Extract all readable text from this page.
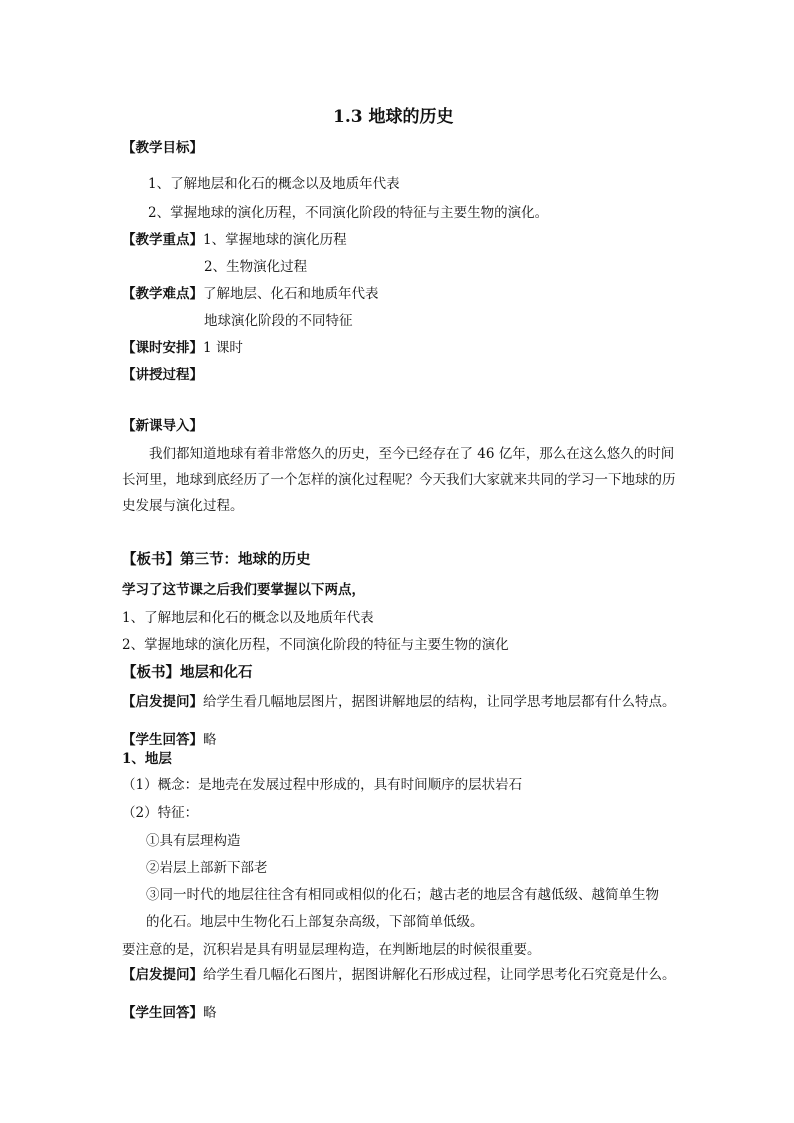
1.3 地球的历史
【教学目标】
1、了解地层和化石的概念以及地质年代表
2、掌握地球的演化历程，不同演化阶段的特征与主要生物的演化。
【教学重点】1、掌握地球的演化历程
2、生物演化过程
【教学难点】了解地层、化石和地质年代表
地球演化阶段的不同特征
【课时安排】1 课时
【讲授过程】
【新课导入】
我们都知道地球有着非常悠久的历史，至今已经存在了 46 亿年，那么在这么悠久的时间长河里，地球到底经历了一个怎样的演化过程呢？今天我们大家就来共同的学习一下地球的历史发展与演化过程。
【板书】第三节：地球的历史
学习了这节课之后我们要掌握以下两点，
1、了解地层和化石的概念以及地质年代表
2、掌握地球的演化历程，不同演化阶段的特征与主要生物的演化
【板书】地层和化石
【启发提问】给学生看几幅地层图片，据图讲解地层的结构，让同学思考地层都有什么特点。
【学生回答】略
1、地层
（1）概念：是地壳在发展过程中形成的，具有时间顺序的层状岩石
（2）特征：
①具有层理构造
②岩层上部新下部老
③同一时代的地层往往含有相同或相似的化石；越古老的地层含有越低级、越简单生物
的化石。地层中生物化石上部复杂高级，下部简单低级。
要注意的是，沉积岩是具有明显层理构造，在判断地层的时候很重要。
【启发提问】给学生看几幅化石图片，据图讲解化石形成过程，让同学思考化石究竟是什么。
【学生回答】略
